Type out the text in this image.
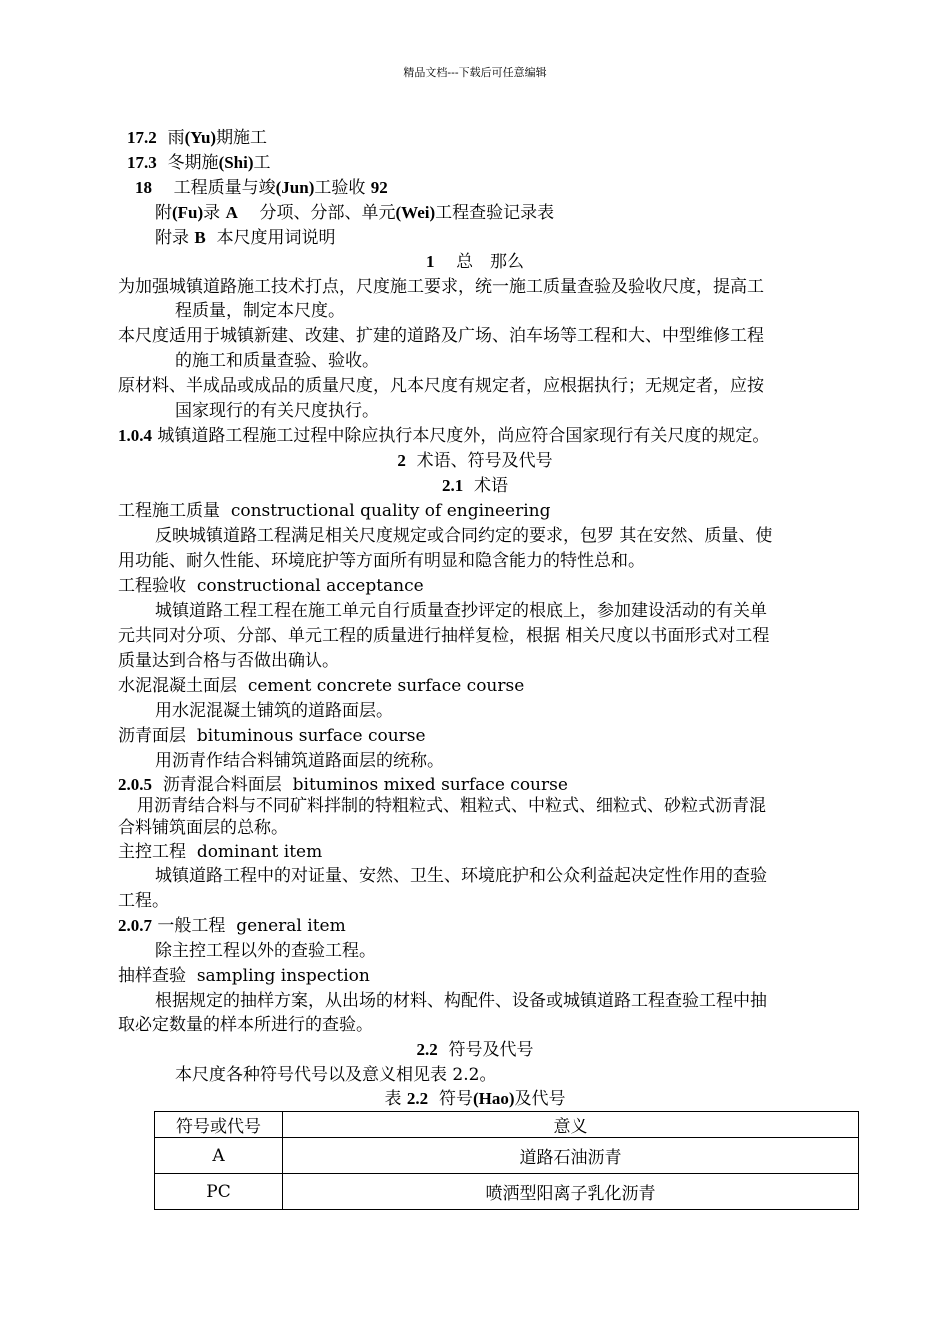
精品文档---下载后可任意编辑
17.2 雨(Yu)期施工
17.3 冬期施(Shi)工
18 工程质量与竣(Jun)工验收 92
附(Fu)录 A 分项、分部、单元(Wei)工程查验记录表
附录 B 本尺度用词说明
1 总　那么
为加强城镇道路施工技术打点，尺度施工要求，统一施工质量查验及验收尺度，提高工
程质量，制定本尺度。
本尺度适用于城镇新建、改建、扩建的道路及广场、泊车场等工程和大、中型维修工程
的施工和质量查验、验收。
原材料、半成品或成品的质量尺度，凡本尺度有规定者，应根据执行；无规定者，应按
国家现行的有关尺度执行。
1.0.4 城镇道路工程施工过程中除应执行本尺度外，尚应符合国家现行有关尺度的规定。
2 术语、符号及代号
2.1 术语
工程施工质量 constructional quality of engineering
反映城镇道路工程满足相关尺度规定或合同约定的要求，包罗 其在安然、质量、使
用功能、耐久性能、环境庇护等方面所有明显和隐含能力的特性总和。
工程验收 constructional acceptance
城镇道路工程工程在施工单元自行质量查抄评定的根底上，参加建设活动的有关单
元共同对分项、分部、单元工程的质量进行抽样复检，根据 相关尺度以书面形式对工程
质量达到合格与否做出确认。
水泥混凝土面层 cement concrete surface course
用水泥混凝土铺筑的道路面层。
沥青面层 bituminous surface course
用沥青作结合料铺筑道路面层的统称。
2.0.5 沥青混合料面层 bituminos mixed surface course
用沥青结合料与不同矿料拌制的特粗粒式、粗粒式、中粒式、细粒式、砂粒式沥青混
合料铺筑面层的总称。
主控工程 dominant item
城镇道路工程中的对证量、安然、卫生、环境庇护和公众利益起决定性作用的查验
工程。
2.0.7 一般工程 general item
除主控工程以外的查验工程。
抽样查验 sampling inspection
根据规定的抽样方案，从出场的材料、构配件、设备或城镇道路工程查验工程中抽
取必定数量的样本所进行的查验。
2.2 符号及代号
本尺度各种符号代号以及意义相见表 2.2。
表 2.2 符号(Hao)及代号
符号或代号	意义
A	道路石油沥青
PC	喷洒型阳离子乳化沥青
